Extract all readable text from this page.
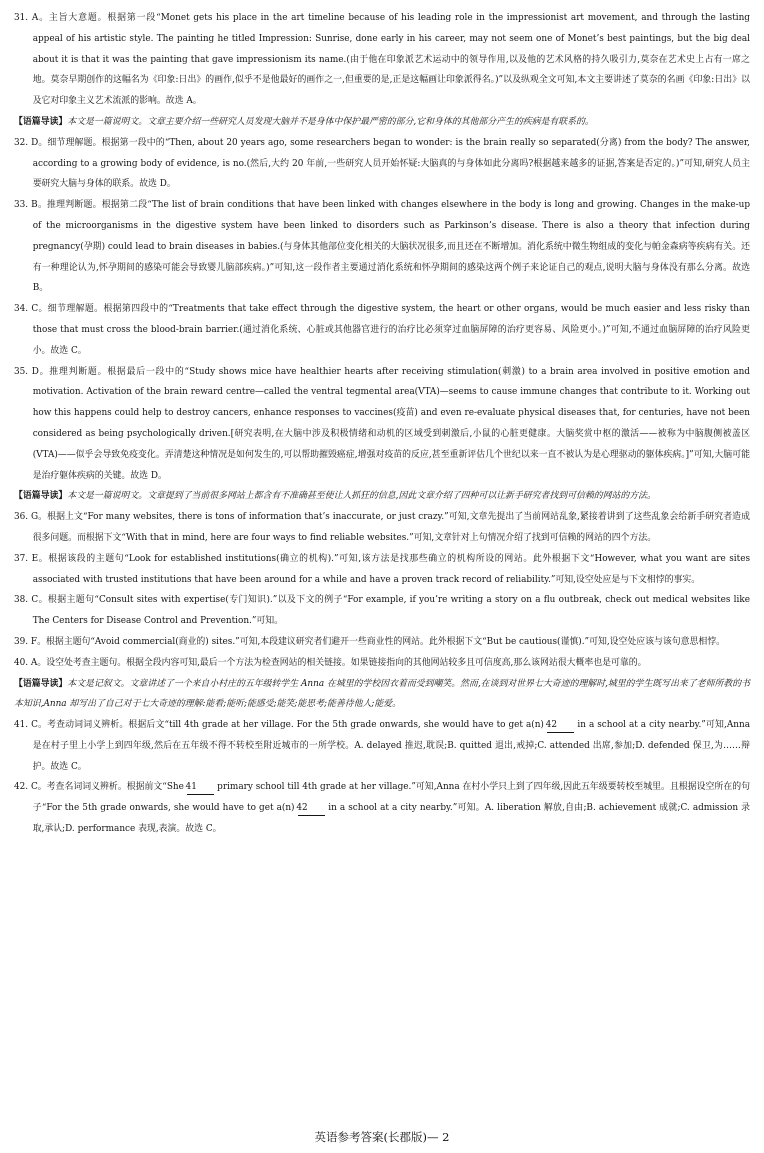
31. A。主旨大意题。根据第一段“Monet gets his place in the art timeline because of his leading role in the impressionist art movement, and through the lasting appeal of his artistic style. The painting he titled Impression: Sunrise, done early in his career, may not seem one of Monet’s best paintings, but the big deal about it is that it was the painting that gave impressionism its name.(由于他在印象派艺术运动中的领导作用,以及他的艺术风格的持久吸引力,莫奈在艺术史上占有一席之地。莫奈早期创作的这幅名为《印象:日出》的画作,似乎不是他最好的画作之一,但重要的是,正是这幅画让印象派得名。)”以及纵观全文可知,本文主要讲述了莫奈的名画《印象:日出》以及它对印象主义艺术流派的影响。故选 A。

【语篇导读】本文是一篇说明文。文章主要介绍一些研究人员发现大脑并不是身体中保护最严密的部分,它和身体的其他部分产生的疾病是有联系的。

32. D。细节理解题。根据第一段中的“Then, about 20 years ago, some researchers began to wonder: is the brain really so separated(分离) from the body? The answer, according to a growing body of evidence, is no.(然后,大约 20 年前,一些研究人员开始怀疑:大脑真的与身体如此分离吗?根据越来越多的证据,答案是否定的。)”可知,研究人员主要研究大脑与身体的联系。故选 D。

33. B。推理判断题。根据第二段“The list of brain conditions that have been linked with changes elsewhere in the body is long and growing. Changes in the make-up of the microorganisms in the digestive system have been linked to disorders such as Parkinson’s disease. There is also a theory that infection during pregnancy(孕期) could lead to brain diseases in babies.(与身体其他部位变化相关的大脑状况很多,而且还在不断增加。消化系统中微生物组成的变化与帕金森病等疾病有关。还有一种理论认为,怀孕期间的感染可能会导致婴儿脑部疾病。)”可知,这一段作者主要通过消化系统和怀孕期间的感染这两个例子来论证自己的观点,说明大脑与身体没有那么分离。故选 B。

34. C。细节理解题。根据第四段中的“Treatments that take effect through the digestive system, the heart or other organs, would be much easier and less risky than those that must cross the blood-brain barrier.(通过消化系统、心脏或其他器官进行的治疗比必须穿过血脑屏障的治疗更容易、风险更小。)”可知,不通过血脑屏障的治疗风险更小。故选 C。

35. D。推理判断题。根据最后一段中的“Study shows mice have healthier hearts after receiving stimulation(刺激) to a brain area involved in positive emotion and motivation. Activation of the brain reward centre—called the ventral tegmental area(VTA)—seems to cause immune changes that contribute to it. Working out how this happens could help to destroy cancers, enhance responses to vaccines(疫苗) and even re-evaluate physical diseases that, for centuries, have not been considered as being psychologically driven.[研究表明,在大脑中涉及积极情绪和动机的区域受到刺激后,小鼠的心脏更健康。大脑奖赏中枢的激活——被称为中脑腹侧被盖区(VTA)——似乎会导致免疫变化。弄清楚这种情况是如何发生的,可以帮助摧毁癌症,增强对疫苗的反应,甚至重新评估几个世纪以来一直不被认为是心理驱动的躯体疾病。]”可知,大脑可能是治疗躯体疾病的关键。故选 D。

【语篇导读】本文是一篇说明文。文章提到了当前很多网站上都含有不准确甚至使让人抓狂的信息,因此文章介绍了四种可以让新手研究者找到可信赖的网站的方法。

36. G。根据上文“For many websites, there is tons of information that’s inaccurate, or just crazy.”可知,文章先提出了当前网站乱象,紧接着讲到了这些乱象会给新手研究者造成很多问题。而根据下文“With that in mind, here are four ways to find reliable websites.”可知,文章针对上句情况介绍了找到可信赖的网站的四个方法。

37. E。根据该段的主题句“Look for established institutions(确立的机构).”可知,该方法是找那些确立的机构所设的网站。此外根据下文“However, what you want are sites associated with trusted institutions that have been around for a while and have a proven track record of reliability.”可知,设空处应是与下文相悖的事实。

38. C。根据主题句“Consult sites with expertise(专门知识).”以及下文的例子“For example, if you’re writing a story on a flu outbreak, check out medical websites like The Centers for Disease Control and Prevention.”可知。

39. F。根据主题句“Avoid commercial(商业的) sites.”可知,本段建议研究者们避开一些商业性的网站。此外根据下文“But be cautious(谨慎).”可知,设空处应该与该句意思相悖。

40. A。设空处考查主题句。根据全段内容可知,最后一个方法为检查网站的相关链接。如果链接指向的其他网站较多且可信度高,那么该网站很大概率也是可靠的。

【语篇导读】本文是记叙文。文章讲述了一个来自小村庄的五年级转学生 Anna 在城里的学校因衣着而受到嘲笑。然而,在谈到对世界七大奇迹的理解时,城里的学生既写出来了老师所教的书本知识,Anna 却写出了自己对于七大奇迹的理解:能看;能听;能感受;能笑;能思考;能善待他人;能爱。

41. C。考查动词词义辨析。根据后文“till 4th grade at her village. For the 5th grade onwards, she would have to get a(n) 42 in a school at a city nearby.”可知,Anna 是在村子里上小学上到四年级,然后在五年级不得不转校至附近城市的一所学校。A. delayed 推迟,耽误;B. quitted 退出,戒掉;C. attended 出席,参加;D. defended 保卫,为……辩护。故选 C。

42. C。考查名词词义辨析。根据前文“She 41 primary school till 4th grade at her village.”可知,Anna 在村小学只上到了四年级,因此五年级要转校至城里。且根据设空所在的句子“For the 5th grade onwards, she would have to get a(n) 42 in a school at a city nearby.”可知。A. liberation 解放,自由;B. achievement 成就;C. admission 录取,承认;D. performance 表现,表演。故选 C。

英语参考答案(长郡版)— 2
